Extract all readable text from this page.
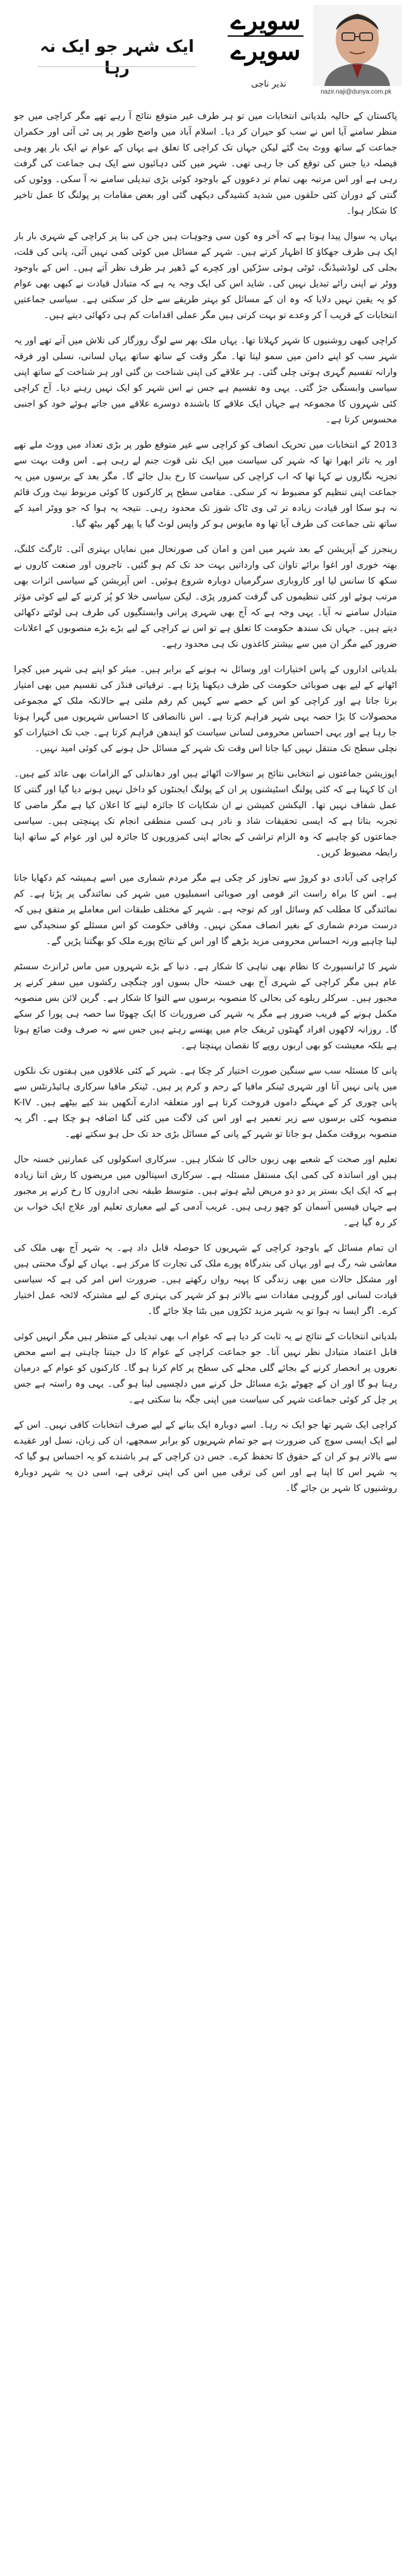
ایک شہر جو ایک نہ رہا
سویرے
سویرے
نذیر ناجی
nazir.naji@dunya.com.pk

پاکستان کے حالیہ بلدیاتی انتخابات میں تو ہر طرف غیر متوقع نتائج آ رہے تھے مگر کراچی میں جو منظر سامنے آیا اس نے سب کو حیران کر دیا۔ اسلام آباد میں واضح طور پر پی ٹی آئی اور حکمران جماعت کے ساتھ ووٹ بٹ گئے لیکن جہاں تک کراچی کا تعلق ہے یہاں کے عوام نے ایک بار پھر وہی فیصلہ دیا جس کی توقع کی جا رہی تھی۔ شہر میں کئی دہائیوں سے ایک ہی جماعت کی گرفت رہی ہے اور اس مرتبہ بھی تمام تر دعووں کے باوجود کوئی بڑی تبدیلی سامنے نہ آ سکی۔ ووٹوں کی گنتی کے دوران کئی حلقوں میں شدید کشیدگی دیکھی گئی اور بعض مقامات پر پولنگ کا عمل تاخیر کا شکار ہوا۔

یہاں یہ سوال پیدا ہوتا ہے کہ آخر وہ کون سی وجوہات ہیں جن کی بنا پر کراچی کے شہری بار بار ایک ہی طرف جھکاؤ کا اظہار کرتے ہیں۔ شہر کے مسائل میں کوئی کمی نہیں آئی، پانی کی قلت، بجلی کی لوڈشیڈنگ، ٹوٹی ہوئی سڑکیں اور کچرے کے ڈھیر ہر طرف نظر آتے ہیں۔ اس کے باوجود ووٹر نے اپنی رائے تبدیل نہیں کی۔ شاید اس کی ایک وجہ یہ ہے کہ متبادل قیادت نے کبھی بھی عوام کو یہ یقین نہیں دلایا کہ وہ ان کے مسائل کو بہتر طریقے سے حل کر سکتی ہے۔ سیاسی جماعتیں انتخابات کے قریب آ کر وعدے تو بہت کرتی ہیں مگر عملی اقدامات کم ہی دکھائی دیتے ہیں۔

کراچی کبھی روشنیوں کا شہر کہلاتا تھا۔ یہاں ملک بھر سے لوگ روزگار کی تلاش میں آتے تھے اور یہ شہر سب کو اپنے دامن میں سمو لیتا تھا۔ مگر وقت کے ساتھ ساتھ یہاں لسانی، نسلی اور فرقہ وارانہ تقسیم گہری ہوتی چلی گئی۔ ہر علاقے کی اپنی شناخت بن گئی اور ہر شناخت کے ساتھ اپنی سیاسی وابستگی جڑ گئی۔ یہی وہ تقسیم ہے جس نے اس شہر کو ایک نہیں رہنے دیا۔ آج کراچی کئی شہروں کا مجموعہ ہے جہاں ایک علاقے کا باشندہ دوسرے علاقے میں جاتے ہوئے خود کو اجنبی محسوس کرتا ہے۔

2013 کے انتخابات میں تحریک انصاف کو کراچی سے غیر متوقع طور پر بڑی تعداد میں ووٹ ملے تھے اور یہ تاثر ابھرا تھا کہ شہر کی سیاست میں ایک نئی قوت جنم لے رہی ہے۔ اس وقت بہت سے تجزیہ نگاروں نے کہا تھا کہ اب کراچی کی سیاست کا رخ بدل جائے گا۔ مگر بعد کے برسوں میں یہ جماعت اپنی تنظیم کو مضبوط نہ کر سکی۔ مقامی سطح پر کارکنوں کا کوئی مربوط نیٹ ورک قائم نہ ہو سکا اور قیادت زیادہ تر ٹی وی ٹاک شوز تک محدود رہی۔ نتیجہ یہ ہوا کہ جو ووٹر امید کے ساتھ نئی جماعت کی طرف آیا تھا وہ مایوس ہو کر واپس لوٹ گیا یا پھر گھر بیٹھ گیا۔

رینجرز کے آپریشن کے بعد شہر میں امن و امان کی صورتحال میں نمایاں بہتری آئی۔ ٹارگٹ کلنگ، بھتہ خوری اور اغوا برائے تاوان کی وارداتیں بہت حد تک کم ہو گئیں۔ تاجروں اور صنعت کاروں نے سکھ کا سانس لیا اور کاروباری سرگرمیاں دوبارہ شروع ہوئیں۔ اس آپریشن کے سیاسی اثرات بھی مرتب ہوئے اور کئی تنظیموں کی گرفت کمزور پڑی۔ لیکن سیاسی خلا کو پُر کرنے کے لیے کوئی مؤثر متبادل سامنے نہ آیا۔ یہی وجہ ہے کہ آج بھی شہری پرانی وابستگیوں کی طرف ہی لوٹتے دکھائی دیتے ہیں۔ جہاں تک سندھ حکومت کا تعلق ہے تو اس نے کراچی کے لیے بڑے بڑے منصوبوں کے اعلانات ضرور کیے مگر ان میں سے بیشتر کاغذوں تک ہی محدود رہے۔

بلدیاتی اداروں کے پاس اختیارات اور وسائل نہ ہونے کے برابر ہیں۔ میئر کو اپنے ہی شہر میں کچرا اٹھانے کے لیے بھی صوبائی حکومت کی طرف دیکھنا پڑتا ہے۔ ترقیاتی فنڈز کی تقسیم میں بھی امتیاز برتا جاتا ہے اور کراچی کو اس کے حصے سے کہیں کم رقم ملتی ہے حالانکہ ملک کے مجموعی محصولات کا بڑا حصہ یہی شہر فراہم کرتا ہے۔ اس ناانصافی کا احساس شہریوں میں گہرا ہوتا جا رہا ہے اور یہی احساس محرومی لسانی سیاست کو ایندھن فراہم کرتا ہے۔ جب تک اختیارات کو نچلی سطح تک منتقل نہیں کیا جاتا اس وقت تک شہر کے مسائل حل ہونے کی کوئی امید نہیں۔

اپوزیشن جماعتوں نے انتخابی نتائج پر سوالات اٹھائے ہیں اور دھاندلی کے الزامات بھی عائد کیے ہیں۔ ان کا کہنا ہے کہ کئی پولنگ اسٹیشنوں پر ان کے پولنگ ایجنٹوں کو داخل نہیں ہونے دیا گیا اور گنتی کا عمل شفاف نہیں تھا۔ الیکشن کمیشن نے ان شکایات کا جائزہ لینے کا اعلان کیا ہے مگر ماضی کا تجربہ بتاتا ہے کہ ایسی تحقیقات شاذ و نادر ہی کسی منطقی انجام تک پہنچتی ہیں۔ سیاسی جماعتوں کو چاہیے کہ وہ الزام تراشی کے بجائے اپنی کمزوریوں کا جائزہ لیں اور عوام کے ساتھ اپنا رابطہ مضبوط کریں۔

کراچی کی آبادی دو کروڑ سے تجاوز کر چکی ہے مگر مردم شماری میں اسے ہمیشہ کم دکھایا جاتا ہے۔ اس کا براہ راست اثر قومی اور صوبائی اسمبلیوں میں شہر کی نمائندگی پر پڑتا ہے۔ کم نمائندگی کا مطلب کم وسائل اور کم توجہ ہے۔ شہر کے مختلف طبقات اس معاملے پر متفق ہیں کہ درست مردم شماری کے بغیر انصاف ممکن نہیں۔ وفاقی حکومت کو اس مسئلے کو سنجیدگی سے لینا چاہیے ورنہ احساس محرومی مزید بڑھے گا اور اس کے نتائج پورے ملک کو بھگتنا پڑیں گے۔

شہر کا ٹرانسپورٹ کا نظام بھی تباہی کا شکار ہے۔ دنیا کے بڑے شہروں میں ماس ٹرانزٹ سسٹم عام ہیں مگر کراچی کے شہری آج بھی خستہ حال بسوں اور چنگچی رکشوں میں سفر کرنے پر مجبور ہیں۔ سرکلر ریلوے کی بحالی کا منصوبہ برسوں سے التوا کا شکار ہے۔ گرین لائن بس منصوبہ مکمل ہونے کے قریب ضرور ہے مگر یہ شہر کی ضروریات کا ایک چھوٹا سا حصہ ہی پورا کر سکے گا۔ روزانہ لاکھوں افراد گھنٹوں ٹریفک جام میں پھنسے رہتے ہیں جس سے نہ صرف وقت ضائع ہوتا ہے بلکہ معیشت کو بھی اربوں روپے کا نقصان پہنچتا ہے۔

پانی کا مسئلہ سب سے سنگین صورت اختیار کر چکا ہے۔ شہر کے کئی علاقوں میں ہفتوں تک نلکوں میں پانی نہیں آتا اور شہری ٹینکر مافیا کے رحم و کرم پر ہیں۔ ٹینکر مافیا سرکاری ہائیڈرنٹس سے پانی چوری کر کے مہنگے داموں فروخت کرتا ہے اور متعلقہ ادارے آنکھیں بند کیے بیٹھے ہیں۔ K-IV منصوبہ کئی برسوں سے زیر تعمیر ہے اور اس کی لاگت میں کئی گنا اضافہ ہو چکا ہے۔ اگر یہ منصوبہ بروقت مکمل ہو جاتا تو شہر کے پانی کے مسائل بڑی حد تک حل ہو سکتے تھے۔

تعلیم اور صحت کے شعبے بھی زبوں حالی کا شکار ہیں۔ سرکاری اسکولوں کی عمارتیں خستہ حال ہیں اور اساتذہ کی کمی ایک مستقل مسئلہ ہے۔ سرکاری اسپتالوں میں مریضوں کا رش اتنا زیادہ ہے کہ ایک ایک بستر پر دو دو مریض لیٹے ہوتے ہیں۔ متوسط طبقہ نجی اداروں کا رخ کرنے پر مجبور ہے جہاں فیسیں آسمان کو چھو رہی ہیں۔ غریب آدمی کے لیے معیاری تعلیم اور علاج ایک خواب بن کر رہ گیا ہے۔

ان تمام مسائل کے باوجود کراچی کے شہریوں کا حوصلہ قابل داد ہے۔ یہ شہر آج بھی ملک کی معاشی شہ رگ ہے اور یہاں کی بندرگاہ پورے ملک کی تجارت کا مرکز ہے۔ یہاں کے لوگ محنتی ہیں اور مشکل حالات میں بھی زندگی کا پہیہ رواں رکھتے ہیں۔ ضرورت اس امر کی ہے کہ سیاسی قیادت لسانی اور گروہی مفادات سے بالاتر ہو کر شہر کی بہتری کے لیے مشترکہ لائحہ عمل اختیار کرے۔ اگر ایسا نہ ہوا تو یہ شہر مزید ٹکڑوں میں بٹتا چلا جائے گا۔

بلدیاتی انتخابات کے نتائج نے یہ ثابت کر دیا ہے کہ عوام اب بھی تبدیلی کے منتظر ہیں مگر انہیں کوئی قابل اعتماد متبادل نظر نہیں آتا۔ جو جماعت کراچی کے عوام کا دل جیتنا چاہتی ہے اسے محض نعروں پر انحصار کرنے کے بجائے گلی محلے کی سطح پر کام کرنا ہو گا۔ کارکنوں کو عوام کے درمیان رہنا ہو گا اور ان کے چھوٹے بڑے مسائل حل کرنے میں دلچسپی لینا ہو گی۔ یہی وہ راستہ ہے جس پر چل کر کوئی جماعت شہر کی سیاست میں اپنی جگہ بنا سکتی ہے۔

کراچی ایک شہر تھا جو ایک نہ رہا۔ اسے دوبارہ ایک بنانے کے لیے صرف انتخابات کافی نہیں۔ اس کے لیے ایک ایسی سوچ کی ضرورت ہے جو تمام شہریوں کو برابر سمجھے، ان کی زبان، نسل اور عقیدے سے بالاتر ہو کر ان کے حقوق کا تحفظ کرے۔ جس دن کراچی کے ہر باشندے کو یہ احساس ہو گیا کہ یہ شہر اس کا اپنا ہے اور اس کی ترقی میں اس کی اپنی ترقی ہے، اسی دن یہ شہر دوبارہ روشنیوں کا شہر بن جائے گا۔
